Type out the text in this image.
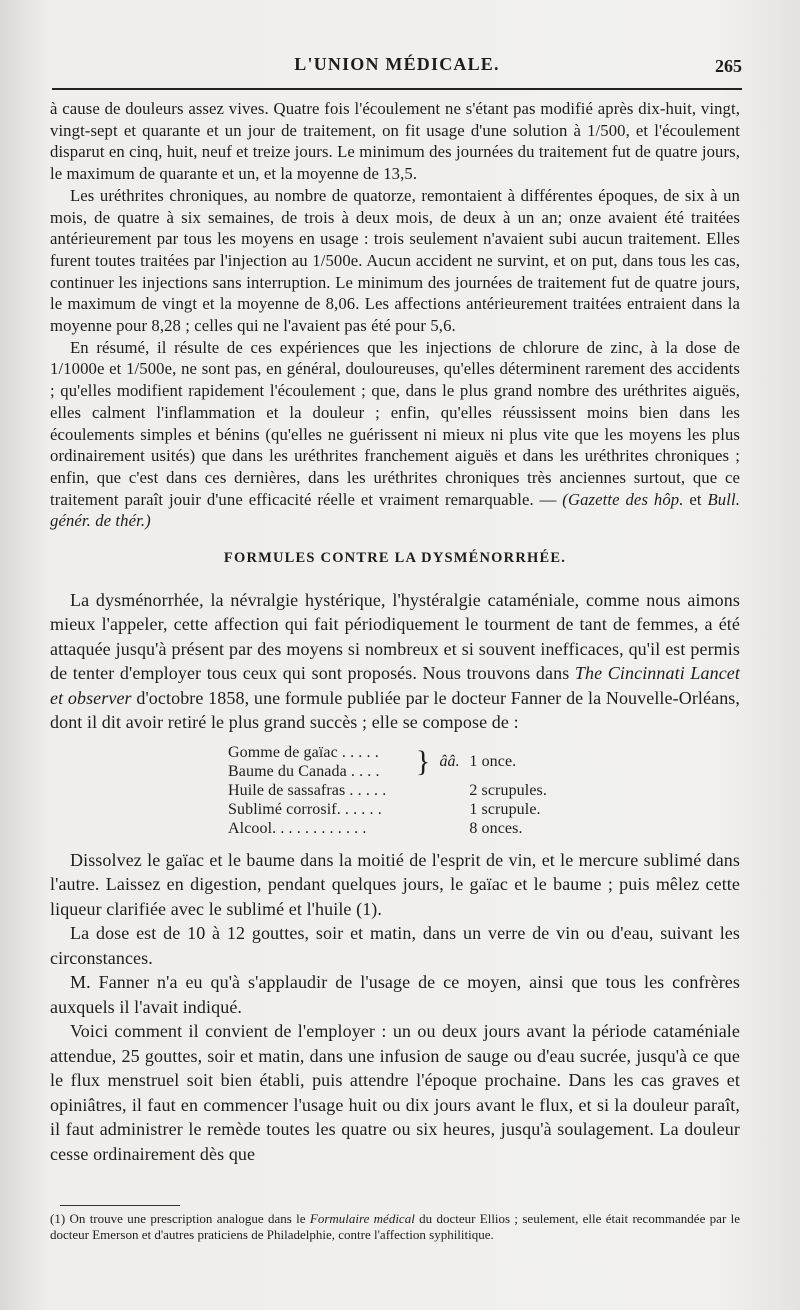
L'UNION MÉDICALE.	265

à cause de douleurs assez vives. Quatre fois l'écoulement ne s'étant pas modifié après dix-huit, vingt, vingt-sept et quarante et un jour de traitement, on fit usage d'une solution à 1/500, et l'écoulement disparut en cinq, huit, neuf et treize jours. Le minimum des journées du traitement fut de quatre jours, le maximum de quarante et un, et la moyenne de 13,5.

Les uréthrites chroniques, au nombre de quatorze, remontaient à différentes époques, de six à un mois, de quatre à six semaines, de trois à deux mois, de deux à un an; onze avaient été traitées antérieurement par tous les moyens en usage : trois seulement n'avaient subi aucun traitement. Elles furent toutes traitées par l'injection au 1/500e. Aucun accident ne survint, et on put, dans tous les cas, continuer les injections sans interruption. Le minimum des journées de traitement fut de quatre jours, le maximum de vingt et la moyenne de 8,06. Les affections antérieurement traitées entraient dans la moyenne pour 8,28 ; celles qui ne l'avaient pas été pour 5,6.

En résumé, il résulte de ces expériences que les injections de chlorure de zinc, à la dose de 1/1000e et 1/500e, ne sont pas, en général, douloureuses, qu'elles déterminent rarement des accidents ; qu'elles modifient rapidement l'écoulement ; que, dans le plus grand nombre des uréthrites aiguës, elles calment l'inflammation et la douleur ; enfin, qu'elles réussissent moins bien dans les écoulements simples et bénins (qu'elles ne guérissent ni mieux ni plus vite que les moyens les plus ordinairement usités) que dans les uréthrites franchement aiguës et dans les uréthrites chroniques ; enfin, que c'est dans ces dernières, dans les uréthrites chroniques très anciennes surtout, que ce traitement paraît jouir d'une efficacité réelle et vraiment remarquable. — (Gazette des hôp. et Bull. génér. de thér.)

FORMULES CONTRE LA DYSMÉNORRHÉE.

La dysménorrhée, la névralgie hystérique, l'hystéralgie cataméniale, comme nous aimons mieux l'appeler, cette affection qui fait périodiquement le tourment de tant de femmes, a été attaquée jusqu'à présent par des moyens si nombreux et si souvent inefficaces, qu'il est permis de tenter d'employer tous ceux qui sont proposés. Nous trouvons dans The Cincinnati Lancet et observer d'octobre 1858, une formule publiée par le docteur Fanner de la Nouvelle-Orléans, dont il dit avoir retiré le plus grand succès ; elle se compose de :

Gomme de gaïac . . . . .
Baume du Canada . . . .	} ââ. 1 once.
Huile de sassafras . . . . .	2 scrupules.
Sublimé corrosif. . . . . .	1 scrupule.
Alcool. . . . . . . . . . . .	8 onces.

Dissolvez le gaïac et le baume dans la moitié de l'esprit de vin, et le mercure sublimé dans l'autre. Laissez en digestion, pendant quelques jours, le gaïac et le baume ; puis mêlez cette liqueur clarifiée avec le sublimé et l'huile (1).

La dose est de 10 à 12 gouttes, soir et matin, dans un verre de vin ou d'eau, suivant les circonstances.

M. Fanner n'a eu qu'à s'applaudir de l'usage de ce moyen, ainsi que tous les confrères auxquels il l'avait indiqué.

Voici comment il convient de l'employer : un ou deux jours avant la période cataméniale attendue, 25 gouttes, soir et matin, dans une infusion de sauge ou d'eau sucrée, jusqu'à ce que le flux menstruel soit bien établi, puis attendre l'époque prochaine. Dans les cas graves et opiniâtres, il faut en commencer l'usage huit ou dix jours avant le flux, et si la douleur paraît, il faut administrer le remède toutes les quatre ou six heures, jusqu'à soulagement. La douleur cesse ordinairement dès que

(1) On trouve une prescription analogue dans le Formulaire médical du docteur Ellios ; seulement, elle était recommandée par le docteur Emerson et d'autres praticiens de Philadelphie, contre l'affection syphilitique.
